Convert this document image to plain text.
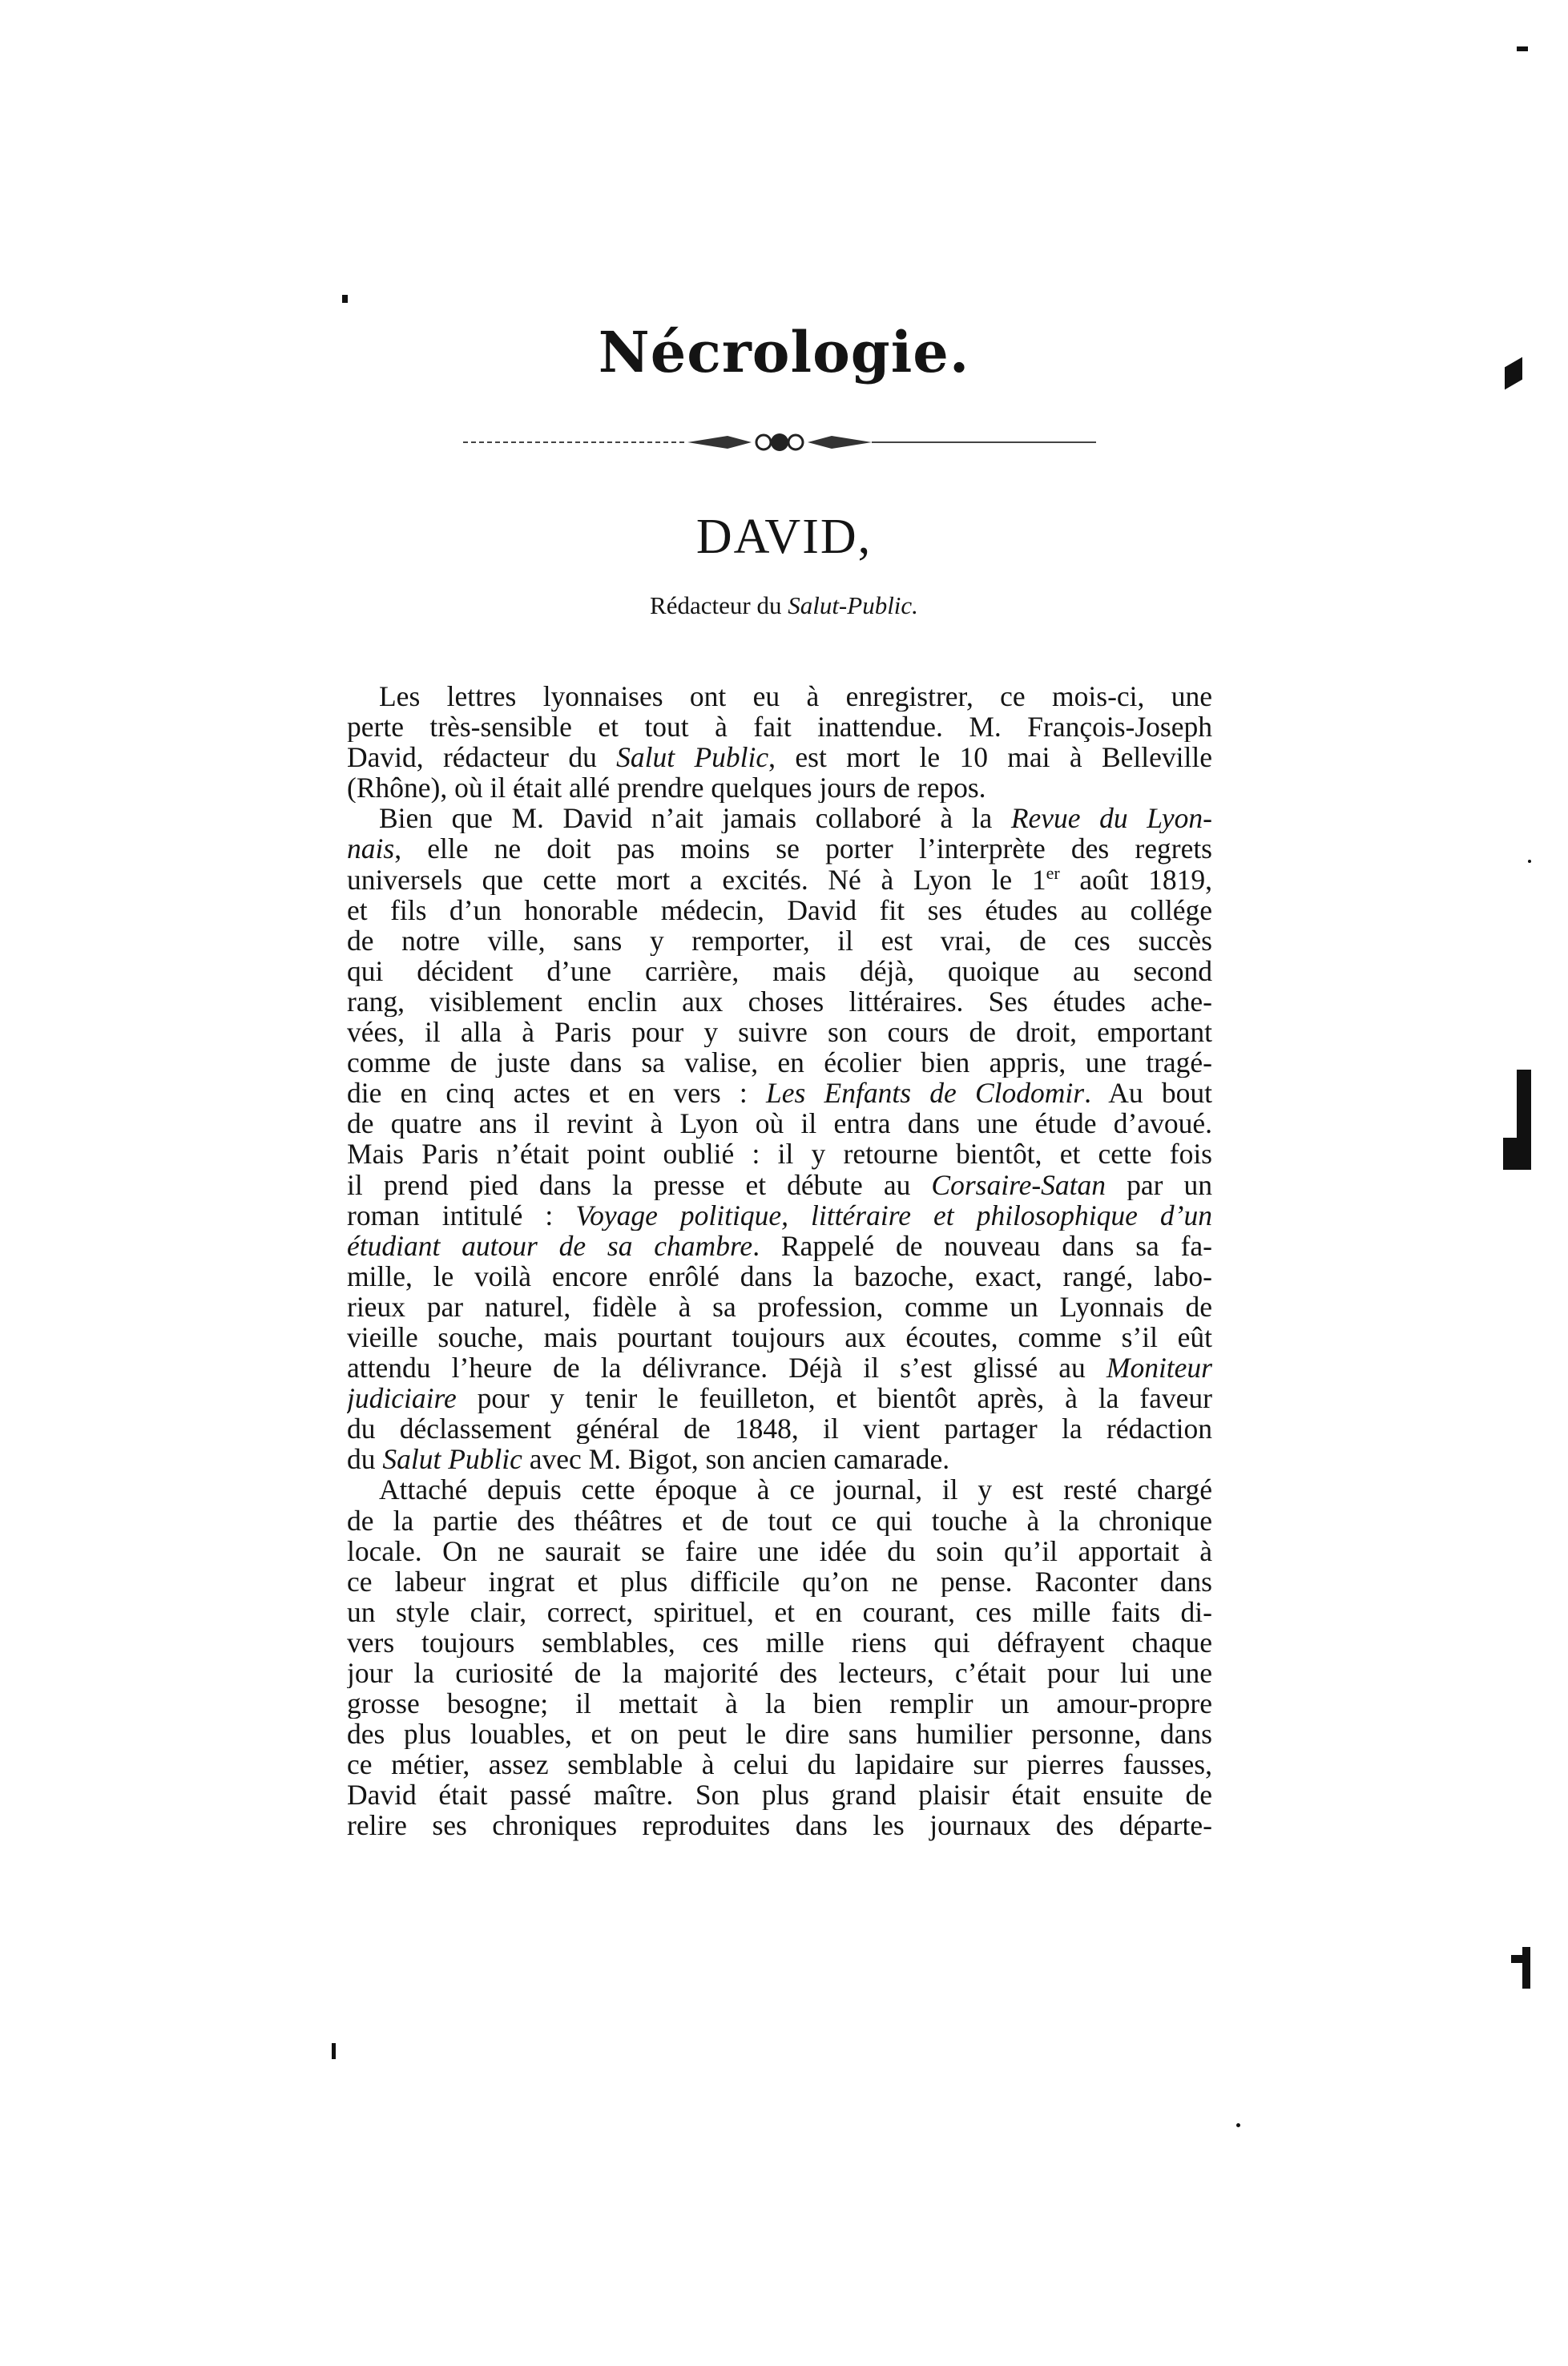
Nécrologie.
DAVID,
Rédacteur du Salut-Public.
Les lettres lyonnaises ont eu à enregistrer, ce mois-ci, une
perte très-sensible et tout à fait inattendue. M. François-Joseph
David, rédacteur du Salut Public, est mort le 10 mai à Belleville
(Rhône), où il était allé prendre quelques jours de repos.
Bien que M. David n’ait jamais collaboré à la Revue du Lyon-
nais, elle ne doit pas moins se porter l’interprète des regrets
universels que cette mort a excités. Né à Lyon le 1er août 1819,
et fils d’un honorable médecin, David fit ses études au collége
de notre ville, sans y remporter, il est vrai, de ces succès
qui décident d’une carrière, mais déjà, quoique au second
rang, visiblement enclin aux choses littéraires. Ses études ache-
vées, il alla à Paris pour y suivre son cours de droit, emportant
comme de juste dans sa valise, en écolier bien appris, une tragé-
die en cinq actes et en vers : Les Enfants de Clodomir. Au bout
de quatre ans il revint à Lyon où il entra dans une étude d’avoué.
Mais Paris n’était point oublié : il y retourne bientôt, et cette fois
il prend pied dans la presse et débute au Corsaire-Satan par un
roman intitulé : Voyage politique, littéraire et philosophique d’un
étudiant autour de sa chambre. Rappelé de nouveau dans sa fa-
mille, le voilà encore enrôlé dans la bazoche, exact, rangé, labo-
rieux par naturel, fidèle à sa profession, comme un Lyonnais de
vieille souche, mais pourtant toujours aux écoutes, comme s’il eût
attendu l’heure de la délivrance. Déjà il s’est glissé au Moniteur
judiciaire pour y tenir le feuilleton, et bientôt après, à la faveur
du déclassement général de 1848, il vient partager la rédaction
du Salut Public avec M. Bigot, son ancien camarade.
Attaché depuis cette époque à ce journal, il y est resté chargé
de la partie des théâtres et de tout ce qui touche à la chronique
locale. On ne saurait se faire une idée du soin qu’il apportait à
ce labeur ingrat et plus difficile qu’on ne pense. Raconter dans
un style clair, correct, spirituel, et en courant, ces mille faits di-
vers toujours semblables, ces mille riens qui défrayent chaque
jour la curiosité de la majorité des lecteurs, c’était pour lui une
grosse besogne; il mettait à la bien remplir un amour-propre
des plus louables, et on peut le dire sans humilier personne, dans
ce métier, assez semblable à celui du lapidaire sur pierres fausses,
David était passé maître. Son plus grand plaisir était ensuite de
relire ses chroniques reproduites dans les journaux des départe-
